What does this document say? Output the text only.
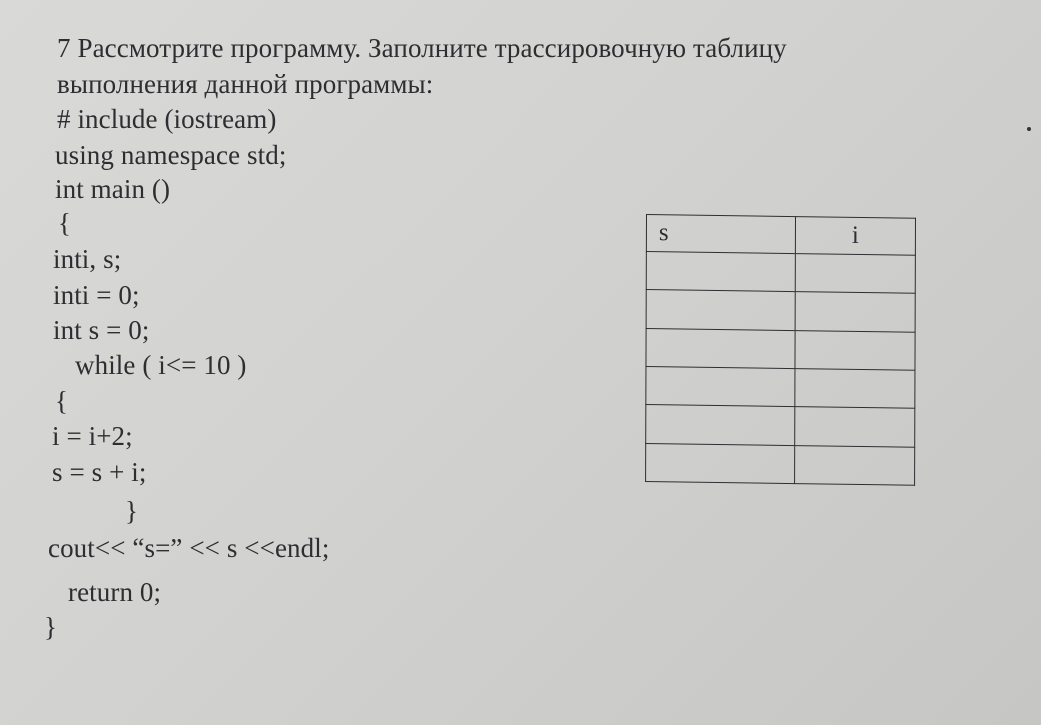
7 Рассмотрите программу. Заполните трассировочную таблицу
выполнения данной программы:
# include (iostream)
using namespace std;
int main ()
{
inti, s;
inti = 0;
int s = 0;
while ( i<= 10 )
{
i = i+2;
s = s + i;
}
cout<< “s=” << s <<endl;
return 0;
}
s	i
